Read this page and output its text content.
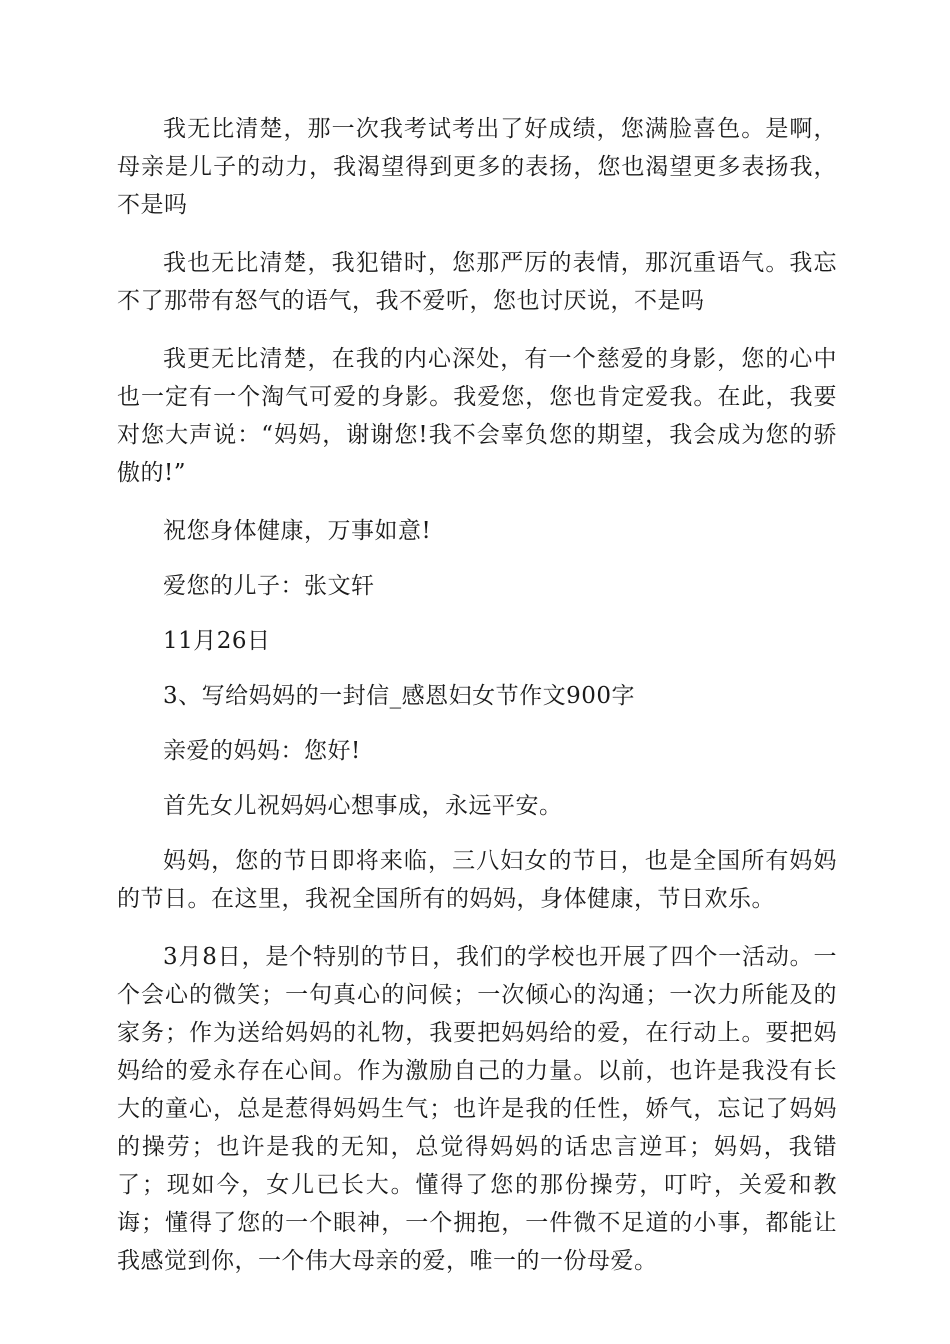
我无比清楚，那一次我考试考出了好成绩，您满脸喜色。是啊，母亲是儿子的动力，我渴望得到更多的表扬，您也渴望更多表扬我，不是吗

我也无比清楚，我犯错时，您那严厉的表情，那沉重语气。我忘不了那带有怒气的语气，我不爱听，您也讨厌说，不是吗

我更无比清楚，在我的内心深处，有一个慈爱的身影，您的心中也一定有一个淘气可爱的身影。我爱您，您也肯定爱我。在此，我要对您大声说：“妈妈，谢谢您!我不会辜负您的期望，我会成为您的骄傲的!”

祝您身体健康，万事如意!

爱您的儿子：张文轩

11月26日

3、写给妈妈的一封信_感恩妇女节作文900字

亲爱的妈妈：您好!

首先女儿祝妈妈心想事成，永远平安。

妈妈，您的节日即将来临，三八妇女的节日，也是全国所有妈妈的节日。在这里，我祝全国所有的妈妈，身体健康，节日欢乐。

3月8日，是个特别的节日，我们的学校也开展了四个一活动。一个会心的微笑；一句真心的问候；一次倾心的沟通；一次力所能及的家务；作为送给妈妈的礼物，我要把妈妈给的爱，在行动上。要把妈妈给的爱永存在心间。作为激励自己的力量。以前，也许是我没有长大的童心，总是惹得妈妈生气；也许是我的任性，娇气，忘记了妈妈的操劳；也许是我的无知，总觉得妈妈的话忠言逆耳；妈妈，我错了；现如今，女儿已长大。懂得了您的那份操劳，叮咛，关爱和教诲；懂得了您的一个眼神，一个拥抱，一件微不足道的小事，都能让我感觉到你，一个伟大母亲的爱，唯一的一份母爱。
